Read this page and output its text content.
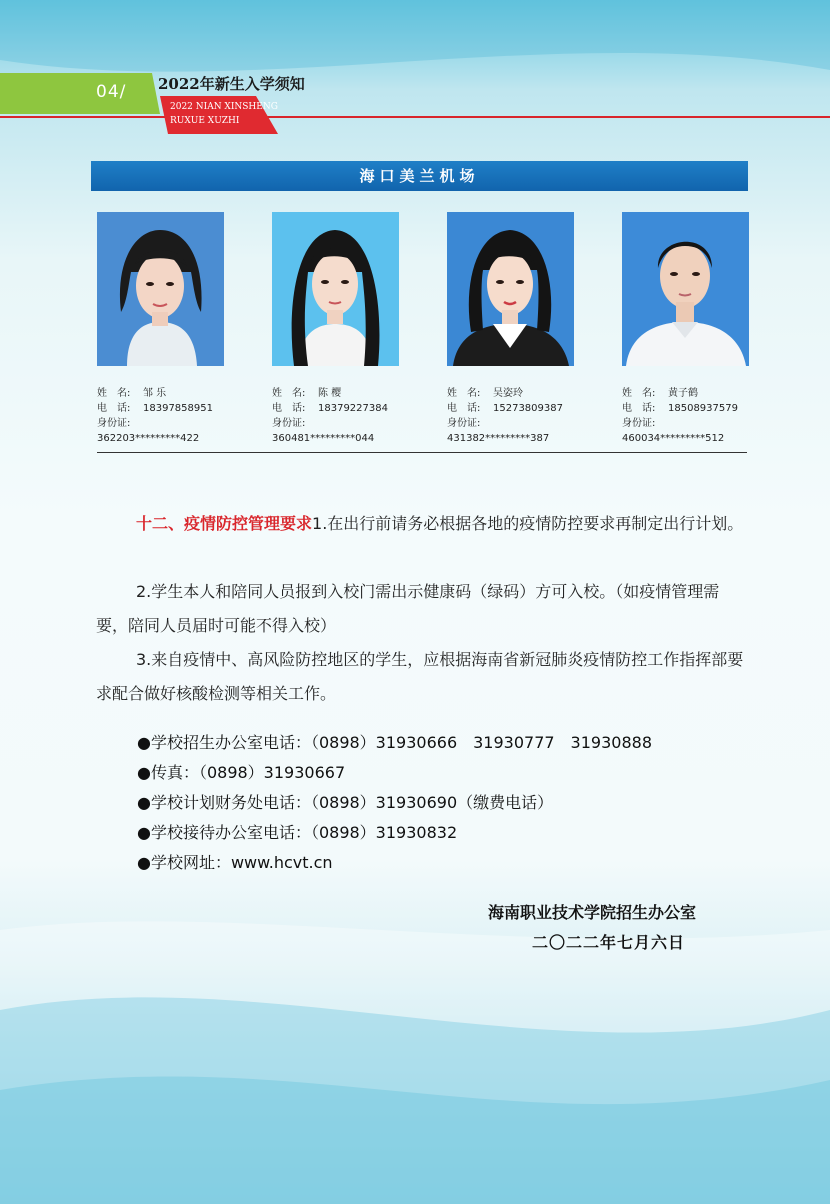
04/ 2022年新生入学须知
2022 NIAN XINSHENG
RUXUE XUZHI
海口美兰机场
姓　名: 邹 乐
电　话: 18397858951
身份证:
362203*********422
姓　名: 陈 樱
电　话: 18379227384
身份证:
360481*********044
姓　名: 吴姿玲
电　话: 15273809387
身份证:
431382*********387
姓　名: 黄子鹤
电　话: 18508937579
身份证:
460034*********512
十二、疫情防控管理要求1.在出行前请务必根据各地的疫情防控要求再制定出行计划。
2.学生本人和陪同人员报到入校门需出示健康码（绿码）方可入校。（如疫情管理需要，陪同人员届时可能不得入校）
3.来自疫情中、高风险防控地区的学生，应根据海南省新冠肺炎疫情防控工作指挥部要求配合做好核酸检测等相关工作。
●学校招生办公室电话：（0898）31930666　31930777　31930888
●传真：（0898）31930667
●学校计划财务处电话：（0898）31930690（缴费电话）
●学校接待办公室电话：（0898）31930832
●学校网址：www.hcvt.cn
海南职业技术学院招生办公室
二〇二二年七月六日
